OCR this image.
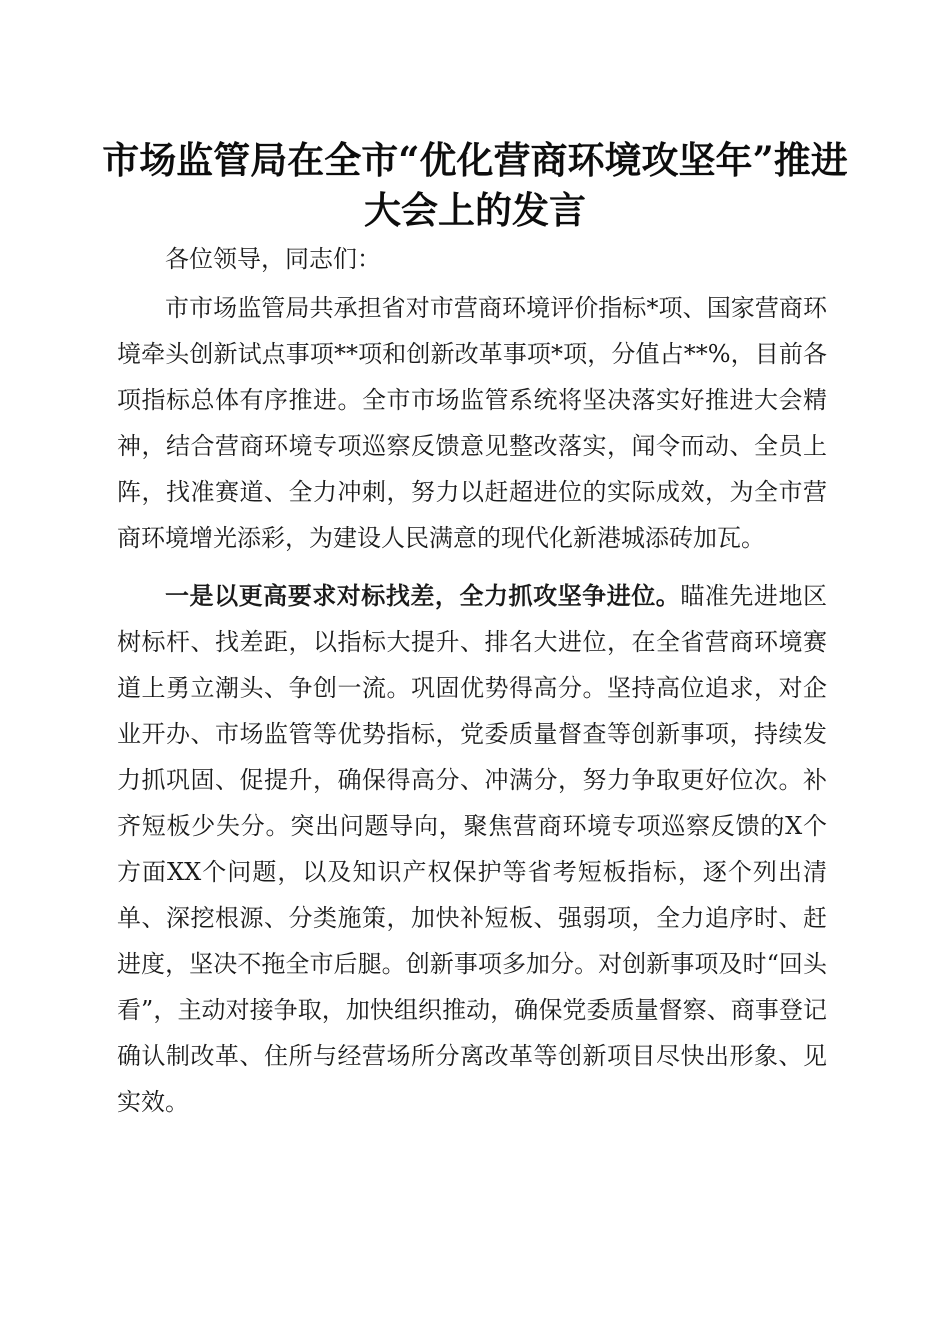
市场监管局在全市“优化营商环境攻坚年”推进大会上的发言

各位领导，同志们：

市市场监管局共承担省对市营商环境评价指标*项、国家营商环境牵头创新试点事项**项和创新改革事项*项，分值占**%，目前各项指标总体有序推进。全市市场监管系统将坚决落实好推进大会精神，结合营商环境专项巡察反馈意见整改落实，闻令而动、全员上阵，找准赛道、全力冲刺，努力以赶超进位的实际成效，为全市营商环境增光添彩，为建设人民满意的现代化新港城添砖加瓦。

一是以更高要求对标找差，全力抓攻坚争进位。瞄准先进地区树标杆、找差距，以指标大提升、排名大进位，在全省营商环境赛道上勇立潮头、争创一流。巩固优势得高分。坚持高位追求，对企业开办、市场监管等优势指标，党委质量督查等创新事项，持续发力抓巩固、促提升，确保得高分、冲满分，努力争取更好位次。补齐短板少失分。突出问题导向，聚焦营商环境专项巡察反馈的X个方面XX个问题，以及知识产权保护等省考短板指标，逐个列出清单、深挖根源、分类施策，加快补短板、强弱项，全力追序时、赶进度，坚决不拖全市后腿。创新事项多加分。对创新事项及时“回头看”，主动对接争取，加快组织推动，确保党委质量督察、商事登记确认制改革、住所与经营场所分离改革等创新项目尽快出形象、见实效。
